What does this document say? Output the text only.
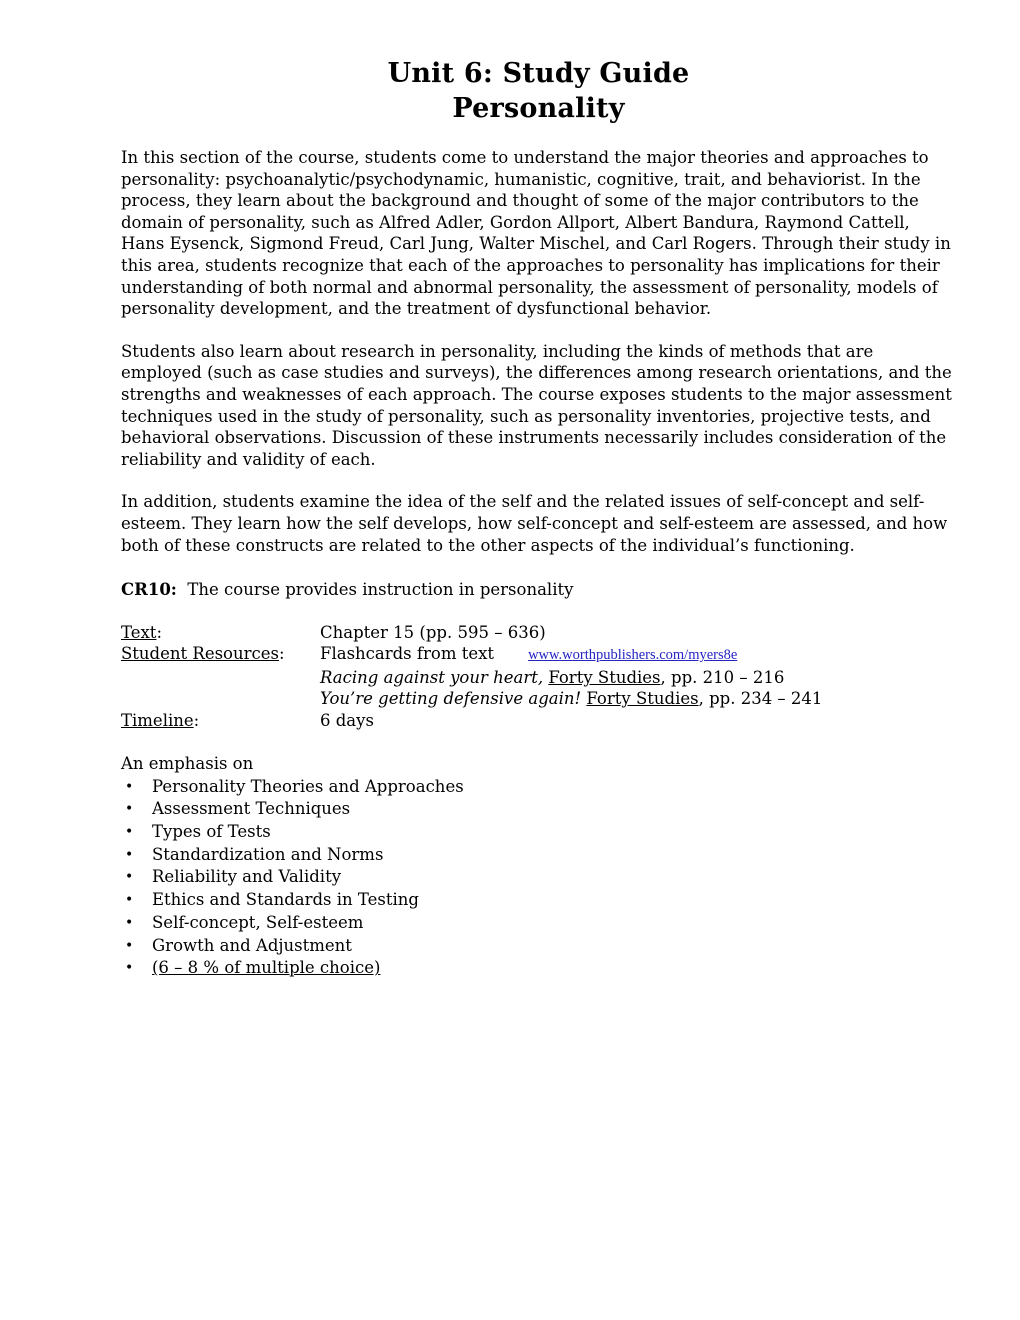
Unit 6: Study Guide
Personality

In this section of the course, students come to understand the major theories and approaches to personality: psychoanalytic/psychodynamic, humanistic, cognitive, trait, and behaviorist. In the process, they learn about the background and thought of some of the major contributors to the domain of personality, such as Alfred Adler, Gordon Allport, Albert Bandura, Raymond Cattell, Hans Eysenck, Sigmond Freud, Carl Jung, Walter Mischel, and Carl Rogers. Through their study in this area, students recognize that each of the approaches to personality has implications for their understanding of both normal and abnormal personality, the assessment of personality, models of personality development, and the treatment of dysfunctional behavior.

Students also learn about research in personality, including the kinds of methods that are employed (such as case studies and surveys), the differences among research orientations, and the strengths and weaknesses of each approach. The course exposes students to the major assessment techniques used in the study of personality, such as personality inventories, projective tests, and behavioral observations. Discussion of these instruments necessarily includes consideration of the reliability and validity of each.

In addition, students examine the idea of the self and the related issues of self-concept and self-esteem. They learn how the self develops, how self-concept and self-esteem are assessed, and how both of these constructs are related to the other aspects of the individual’s functioning.

CR10:  The course provides instruction in personality

Text:	Chapter 15 (pp. 595 – 636)
Student Resources:	Flashcards from text www.worthpublishers.com/myers8e
Racing against your heart, Forty Studies, pp. 210 – 216
You’re getting defensive again! Forty Studies, pp. 234 – 241
Timeline:	6 days

An emphasis on

•	Personality Theories and Approaches
•	Assessment Techniques
•	Types of Tests
•	Standardization and Norms
•	Reliability and Validity
•	Ethics and Standards in Testing
•	Self-concept, Self-esteem
•	Growth and Adjustment
•	(6 – 8 % of multiple choice)
